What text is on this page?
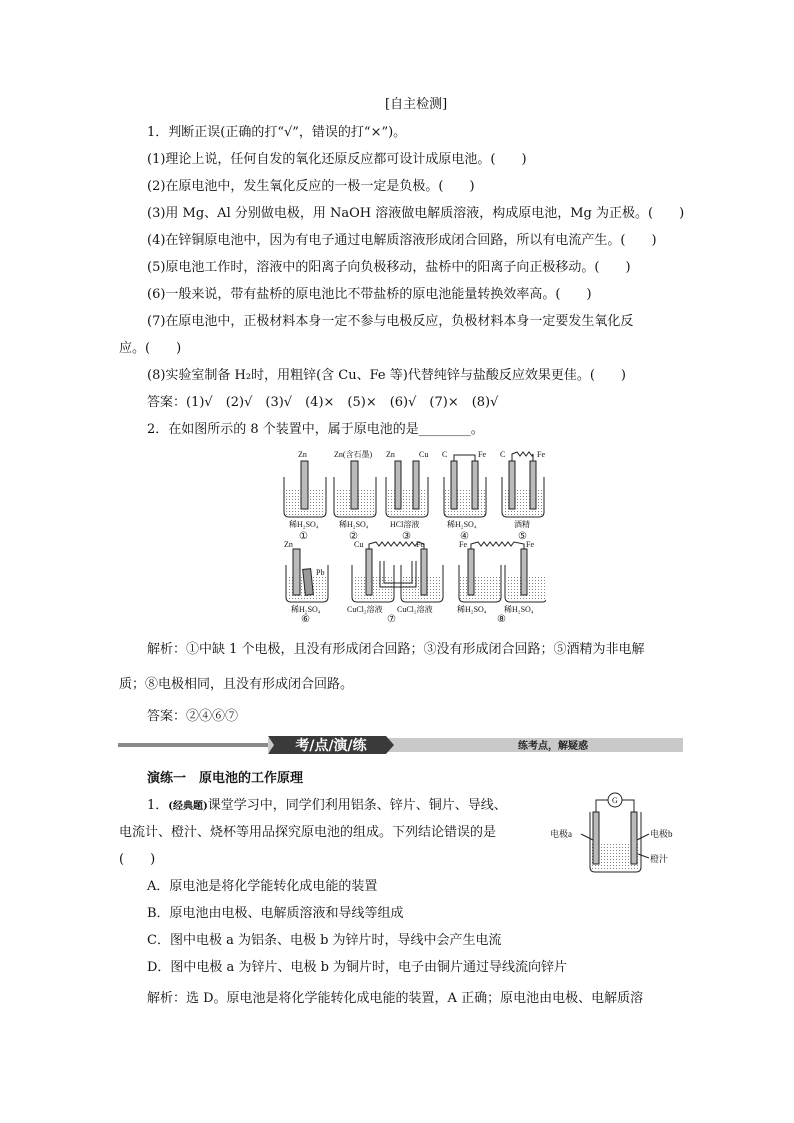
[自主检测]
1．判断正误(正确的打“√”，错误的打“×”)。
(1)理论上说，任何自发的氧化还原反应都可设计成原电池。(　　)
(2)在原电池中，发生氧化反应的一极一定是负极。(　　)
(3)用 Mg、Al 分别做电极，用 NaOH 溶液做电解质溶液，构成原电池，Mg 为正极。(　　)
(4)在锌铜原电池中，因为有电子通过电解质溶液形成闭合回路，所以有电流产生。(　　)
(5)原电池工作时，溶液中的阳离子向负极移动，盐桥中的阳离子向正极移动。(　　)
(6)一般来说，带有盐桥的原电池比不带盐桥的原电池能量转换效率高。(　　)
(7)在原电池中，正极材料本身一定不参与电极反应，负极材料本身一定要发生氧化反
应。(　　)
(8)实验室制备 H₂时，用粗锌(含 Cu、Fe 等)代替纯锌与盐酸反应效果更佳。(　　)
答案：(1)√　(2)√　(3)√　(4)×　(5)×　(6)√　(7)×　(8)√
2．在如图所示的 8 个装置中，属于原电池的是________。
Zn
稀H₂SO₄
①
Zn(含石墨)
稀H₂SO₄
②
Zn	Cu
HCl溶液
③
C	Fe
稀H₂SO₄
④
C	Fe
酒精
⑤
Zn
Pb
稀H₂SO₄
⑥
Cu	Fe
CuCl₂溶液 CuCl₂溶液
⑦
Fe	Fe
稀H₂SO₄ 稀H₂SO₄
⑧
解析：①中缺 1 个电极，且没有形成闭合回路；③没有形成闭合回路；⑤酒精为非电解
质；⑧电极相同，且没有形成闭合回路。
答案：②④⑥⑦
考/点/演/练	练考点，解疑惑
演练一　原电池的工作原理
1．(经典题)课堂学习中，同学们利用铝条、锌片、铜片、导线、
电流计、橙汁、烧杯等用品探究原电池的组成。下列结论错误的是
(　　)
A．原电池是将化学能转化成电能的装置
B．原电池由电极、电解质溶液和导线等组成
C．图中电极 a 为铝条、电极 b 为锌片时，导线中会产生电流
D．图中电极 a 为锌片、电极 b 为铜片时，电子由铜片通过导线流向锌片
解析：选 D。原电池是将化学能转化成电能的装置，A 正确；原电池由电极、电解质溶
G
电极a	电极b
橙汁
